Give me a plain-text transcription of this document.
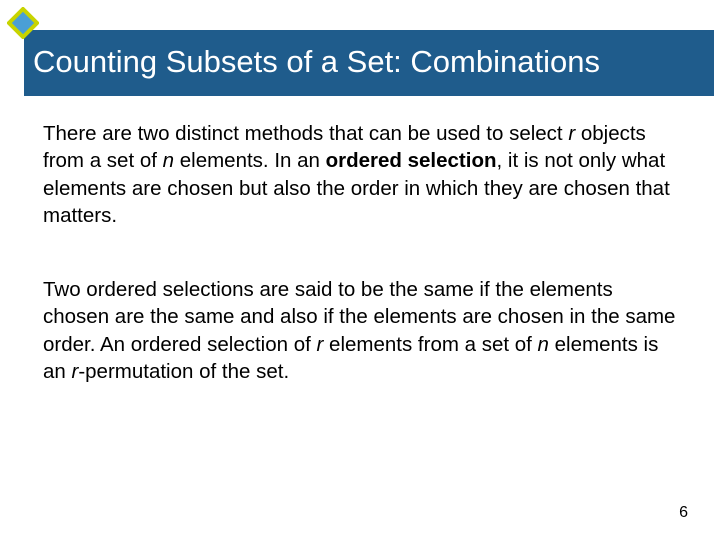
Counting Subsets of a Set: Combinations

There are two distinct methods that can be used to select r objects from a set of n elements. In an ordered selection, it is not only what elements are chosen but also the order in which they are chosen that matters.

Two ordered selections are said to be the same if the elements chosen are the same and also if the elements are chosen in the same order. An ordered selection of r elements from a set of n elements is an r-permutation of the set.

6
